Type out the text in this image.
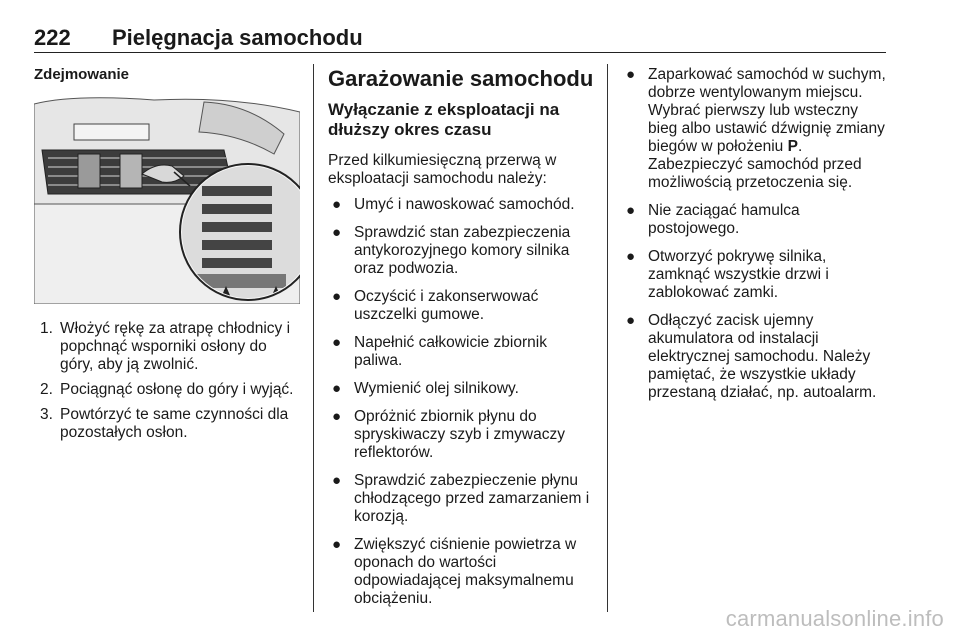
222 Pielęgnacja samochodu
Zdejmowanie
1. Włożyć rękę za atrapę chłodnicy i popchnąć wsporniki osłony do góry, aby ją zwolnić.
2. Pociągnąć osłonę do góry i wyjąć.
3. Powtórzyć te same czynności dla pozostałych osłon.
Garażowanie samochodu
Wyłączanie z eksploatacji na dłuższy okres czasu

Przed kilkumiesięczną przerwą w eksploatacji samochodu należy:

● Umyć i nawoskować samochód.
● Sprawdzić stan zabezpieczenia antykorozyjnego komory silnika oraz podwozia.
● Oczyścić i zakonserwować uszczelki gumowe.
● Napełnić całkowicie zbiornik paliwa.
● Wymienić olej silnikowy.
● Opróżnić zbiornik płynu do spryskiwaczy szyb i zmywaczy reflektorów.
● Sprawdzić zabezpieczenie płynu chłodzącego przed zamarzaniem i korozją.
● Zwiększyć ciśnienie powietrza w oponach do wartości odpowiadającej maksymalnemu obciążeniu.
● Zaparkować samochód w suchym, dobrze wentylowanym miejscu. Wybrać pierwszy lub wsteczny bieg albo ustawić dźwignię zmiany biegów w położeniu P. Zabezpieczyć samochód przed możliwością przetoczenia się.
● Nie zaciągać hamulca postojowego.
● Otworzyć pokrywę silnika, zamknąć wszystkie drzwi i zablokować zamki.
● Odłączyć zacisk ujemny akumulatora od instalacji elektrycznej samochodu. Należy pamiętać, że wszystkie układy przestaną działać, np. autoalarm.
carmanualsonline.info
